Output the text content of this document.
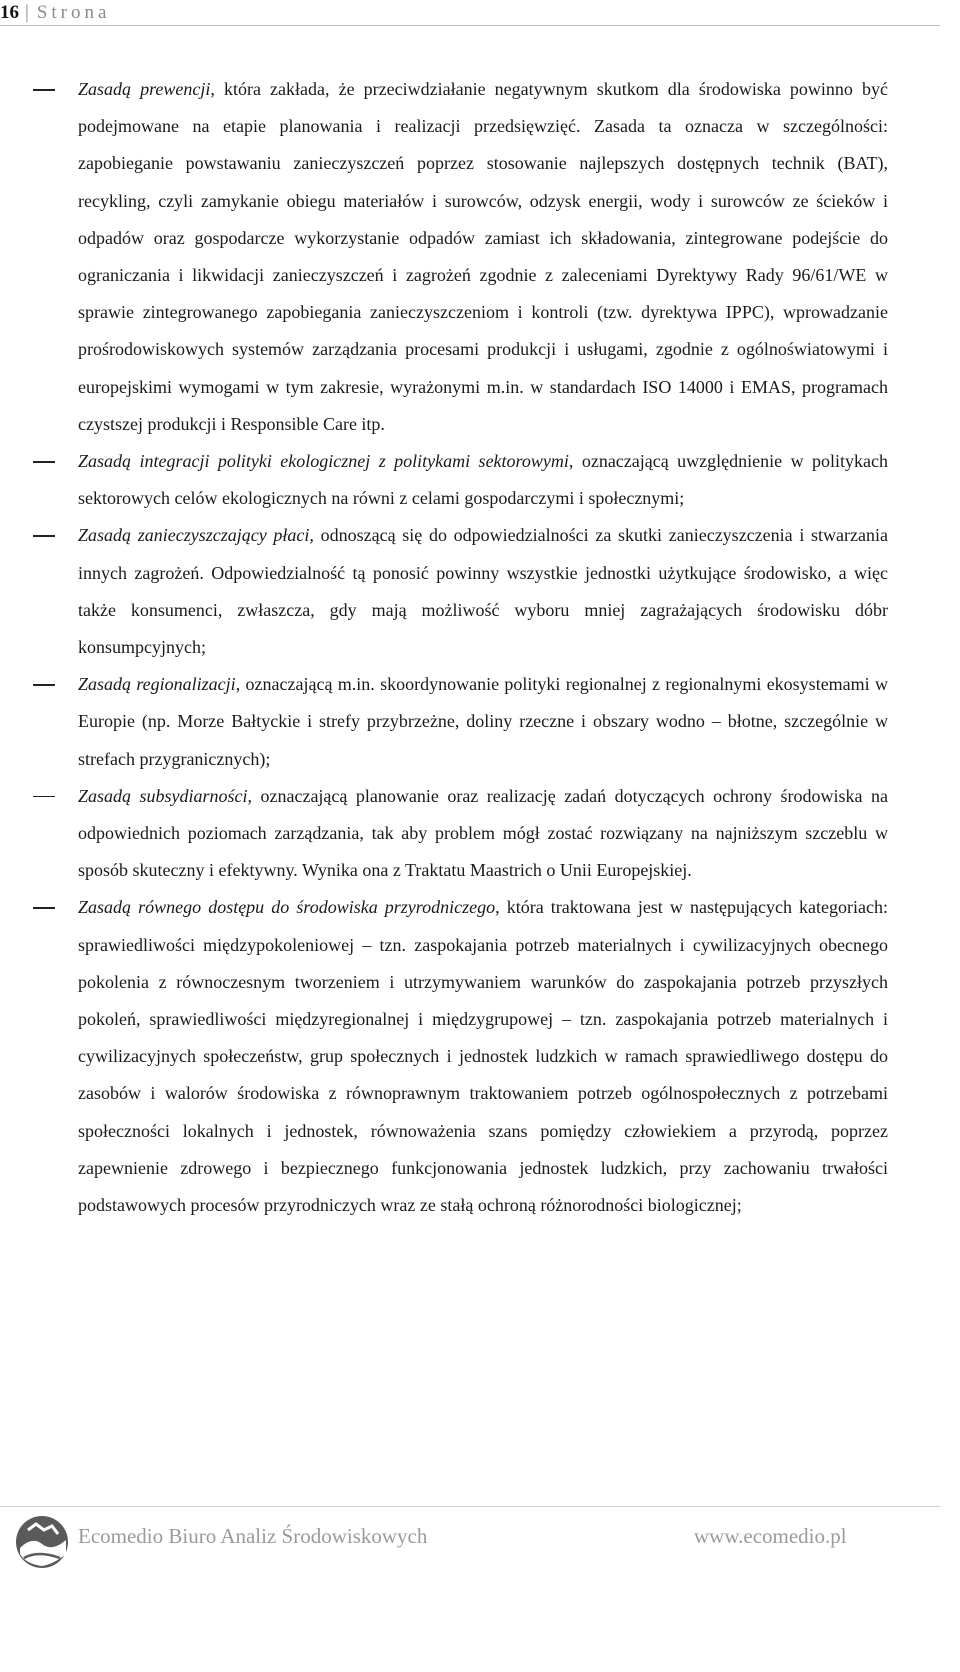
16 | Strona

Zasadą prewencji, która zakłada, że przeciwdziałanie negatywnym skutkom dla środowiska powinno być podejmowane na etapie planowania i realizacji przedsięwzięć. Zasada ta oznacza w szczególności: zapobieganie powstawaniu zanieczyszczeń poprzez stosowanie najlepszych dostępnych technik (BAT), recykling, czyli zamykanie obiegu materiałów i surowców, odzysk energii, wody i surowców ze ścieków i odpadów oraz gospodarcze wykorzystanie odpadów zamiast ich składowania, zintegrowane podejście do ograniczania i likwidacji zanieczyszczeń i zagrożeń zgodnie z zaleceniami Dyrektywy Rady 96/61/WE w sprawie zintegrowanego zapobiegania zanieczyszczeniom i kontroli (tzw. dyrektywa IPPC), wprowadzanie prośrodowiskowych systemów zarządzania procesami produkcji i usługami, zgodnie z ogólnoświatowymi i europejskimi wymogami w tym zakresie, wyrażonymi m.in. w standardach ISO 14000 i EMAS, programach czystszej produkcji i Responsible Care itp.

Zasadą integracji polityki ekologicznej z politykami sektorowymi, oznaczającą uwzględnienie w politykach sektorowych celów ekologicznych na równi z celami gospodarczymi i społecznymi;

Zasadą zanieczyszczający płaci, odnoszącą się do odpowiedzialności za skutki zanieczyszczenia i stwarzania innych zagrożeń. Odpowiedzialność tą ponosić powinny wszystkie jednostki użytkujące środowisko, a więc także konsumenci, zwłaszcza, gdy mają możliwość wyboru mniej zagrażających środowisku dóbr konsumpcyjnych;

Zasadą regionalizacji, oznaczającą m.in. skoordynowanie polityki regionalnej z regionalnymi ekosystemami w Europie (np. Morze Bałtyckie i strefy przybrzeżne, doliny rzeczne i obszary wodno – błotne, szczególnie w strefach przygranicznych);

Zasadą subsydiarności, oznaczającą planowanie oraz realizację zadań dotyczących ochrony środowiska na odpowiednich poziomach zarządzania, tak aby problem mógł zostać rozwiązany na najniższym szczeblu w sposób skuteczny i efektywny. Wynika ona z Traktatu Maastrich o Unii Europejskiej.

Zasadą równego dostępu do środowiska przyrodniczego, która traktowana jest w następujących kategoriach: sprawiedliwości międzypokoleniowej – tzn. zaspokajania potrzeb materialnych i cywilizacyjnych obecnego pokolenia z równoczesnym tworzeniem i utrzymywaniem warunków do zaspokajania potrzeb przyszłych pokoleń, sprawiedliwości międzyregionalnej i międzygrupowej – tzn. zaspokajania potrzeb materialnych i cywilizacyjnych społeczeństw, grup społecznych i jednostek ludzkich w ramach sprawiedliwego dostępu do zasobów i walorów środowiska z równoprawnym traktowaniem potrzeb ogólnospołecznych z potrzebami społeczności lokalnych i jednostek, równoważenia szans pomiędzy człowiekiem a przyrodą, poprzez zapewnienie zdrowego i bezpiecznego funkcjonowania jednostek ludzkich, przy zachowaniu trwałości podstawowych procesów przyrodniczych wraz ze stałą ochroną różnorodności biologicznej;

Ecomedio Biuro Analiz Środowiskowych	www.ecomedio.pl
